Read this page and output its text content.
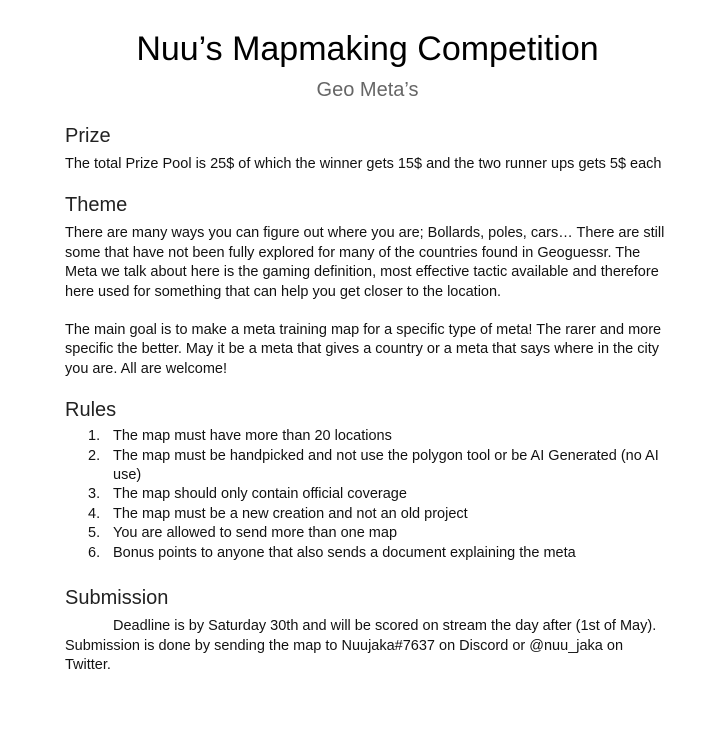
Nuu’s Mapmaking Competition

Geo Meta’s

Prize

The total Prize Pool is 25$ of which the winner gets 15$ and the two runner ups gets 5$ each

Theme

There are many ways you can figure out where you are; Bollards, poles, cars… There are still some that have not been fully explored for many of the countries found in Geoguessr. The Meta we talk about here is the gaming definition, most effective tactic available and therefore here used for something that can help you get closer to the location.

The main goal is to make a meta training map for a specific type of meta! The rarer and more specific the better. May it be a meta that gives a country or a meta that says where in the city you are. All are welcome!

Rules
1. The map must have more than 20 locations
2. The map must be handpicked and not use the polygon tool or be AI Generated (no AI use)
3. The map should only contain official coverage
4. The map must be a new creation and not an old project
5. You are allowed to send more than one map
6. Bonus points to anyone that also sends a document explaining the meta
Submission

Deadline is by Saturday 30th and will be scored on stream the day after (1st of May). Submission is done by sending the map to Nuujaka#7637 on Discord or @nuu_jaka on Twitter.
